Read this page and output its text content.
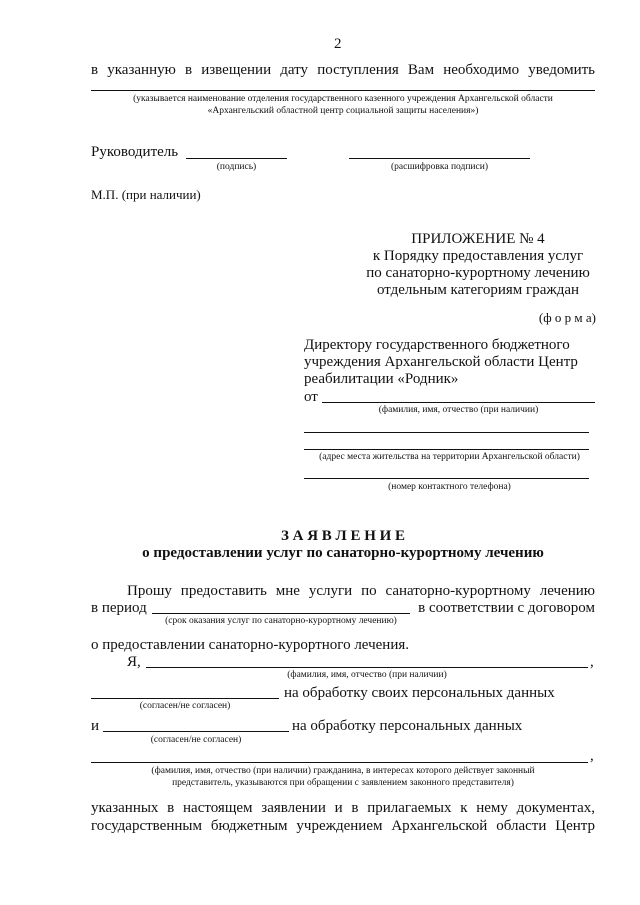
2
в указанную в извещении дату поступления Вам необходимо уведомить
(указывается наименование отделения государственного казенного учреждения Архангельской области
«Архангельский областной центр социальной защиты населения»)
Руководитель
(подпись)	(расшифровка подписи)
М.П. (при наличии)
ПРИЛОЖЕНИЕ № 4
к Порядку предоставления услуг
по санаторно-курортному лечению
отдельным категориям граждан
(ф о р м а)
Директору государственного бюджетного
учреждения Архангельской области Центр
реабилитации «Родник»
от
(фамилия, имя, отчество (при наличии)
(адрес места жительства на территории Архангельской области)
(номер контактного телефона)
З А Я В Л Е Н И Е
о предоставлении услуг по санаторно-курортному лечению
Прошу предоставить мне услуги по санаторно-курортному лечению
в период	в соответствии с договором
(срок оказания услуг по санаторно-курортному лечению)
о предоставлении санаторно-курортного лечения.
Я,	,
(фамилия, имя, отчество (при наличии)
на обработку своих персональных данных
(согласен/не согласен)
и	на обработку персональных данных
(согласен/не согласен)
,
(фамилия, имя, отчество (при наличии) гражданина, в интересах которого действует законный
представитель, указываются при обращении с заявлением законного представителя)
указанных в настоящем заявлении и в прилагаемых к нему документах,
государственным бюджетным учреждением Архангельской области Центр
